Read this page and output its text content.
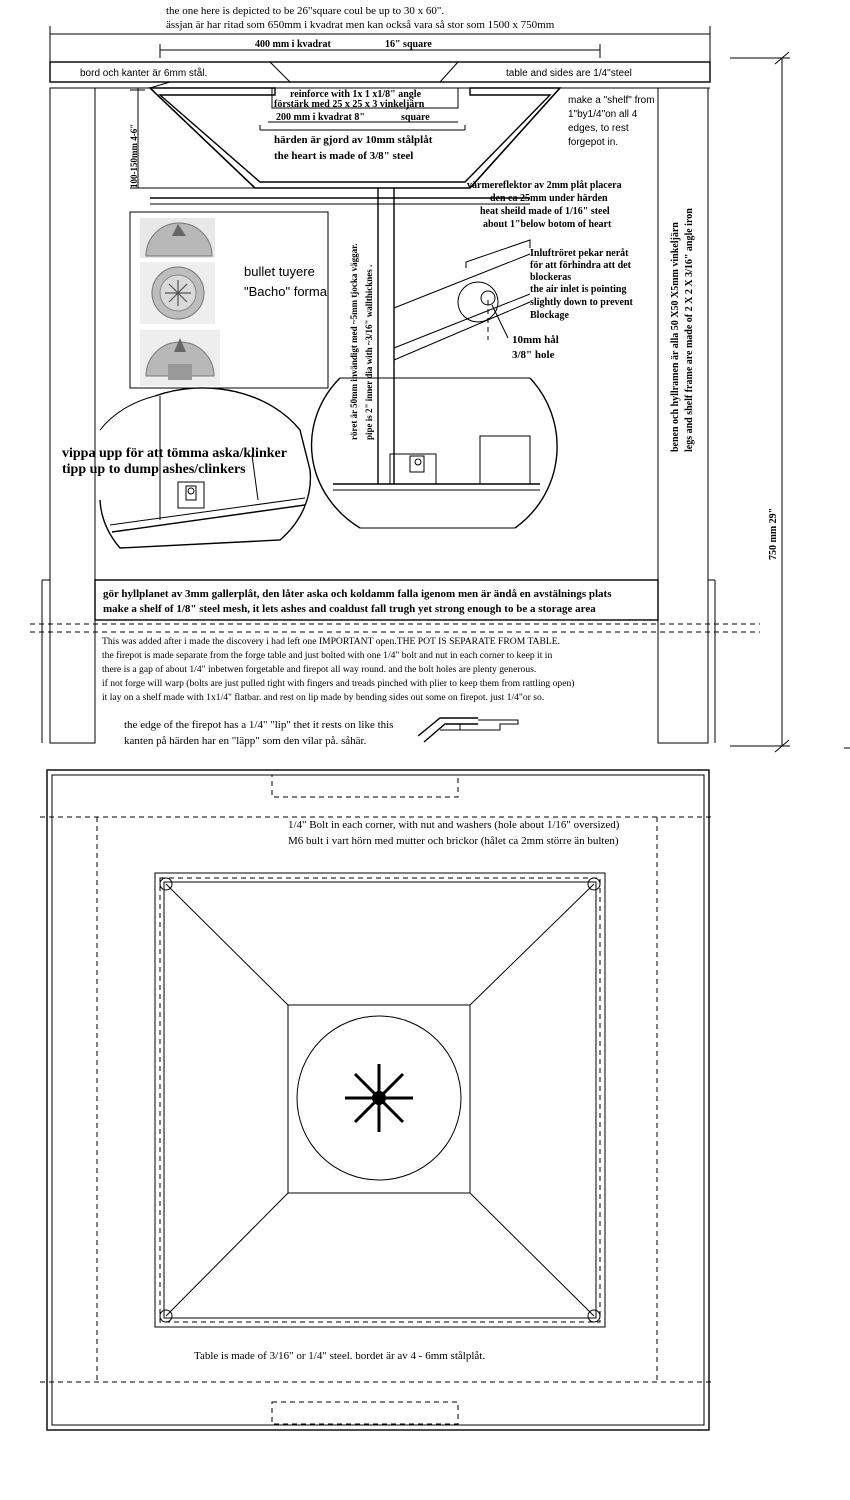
the one here is depicted to be 26"square coul be up to 30 x 60".
ässjan är har ritad som 650mm i kvadrat men kan också vara så stor som 1500 x 750mm
400 mm i kvadrat	16" square
750 mm 29"
100-150mm 4-6"
bord och kanter är 6mm stål.	table and sides are 1/4"steel
reinforce with 1x 1 x1/8" angle
förstärk med 25 x 25 x 3 vinkeljärn
200 mm i kvadrat 8"	square
härden är gjord av 10mm stålplåt
the heart is made of 3/8" steel
make a "shelf" from
1"by1/4"on all 4
edges, to rest
forgepot in.
värmereflektor av 2mm plåt placera
den ca 25mm under härden
heat sheild made of 1/16" steel
about 1"below botom of heart
röret är 50mm invändigt med ~5mm tjocka väggar. pipe is 2" inner dia with ~3/16" wallthicknes .
bullet tuyere
"Bacho" forma
Inluftröret pekar neråt
för att förhindra att det
blockeras
the air inlet is pointing
slightly down to prevent
Blockage
10mm hål
3/8" hole
vippa upp för att tömma aska/klinker
tipp up to dump ashes/clinkers
benen och hyllramen är alla 50 X50 X5mm vinkeljärn legs and shelf frame are made of 2 X 2 X 3/16" angle iron
gör hyllplanet av 3mm gallerplåt, den låter aska och koldamm falla igenom men är ändå en avstälnings plats
make a shelf of 1/8" steel mesh, it lets ashes and coaldust fall trugh yet strong enough to be a storage area
This was added after i made the discovery i had left one IMPORTANT open.THE POT IS SEPARATE FROM TABLE.
the firepot is made separate from the forge table and just bolted with one 1/4" bolt and nut in each corner to keep it in
there is a gap of about 1/4" inbetwen forgetable and firepot all way round. and the bolt holes are plenty generous.
if not forge will warp (bolts are just pulled tight with fingers and treads pinched with plier to keep them from rattling open)
it lay on a shelf made with 1x1/4" flatbar. and rest on lip made by bending sides out some on firepot. just 1/4"or so.
the edge of the firepot has a 1/4" "lip" thet it rests on like this
kanten på härden har en "läpp" som den vilar på. såhär.
1/4" Bolt in each corner, with nut and washers (hole about 1/16" oversized)
M6 bult i vart hörn med mutter och brickor (hålet ca 2mm större än bulten)
Table is made of 3/16" or 1/4" steel. bordet är av 4 - 6mm stålplåt.
